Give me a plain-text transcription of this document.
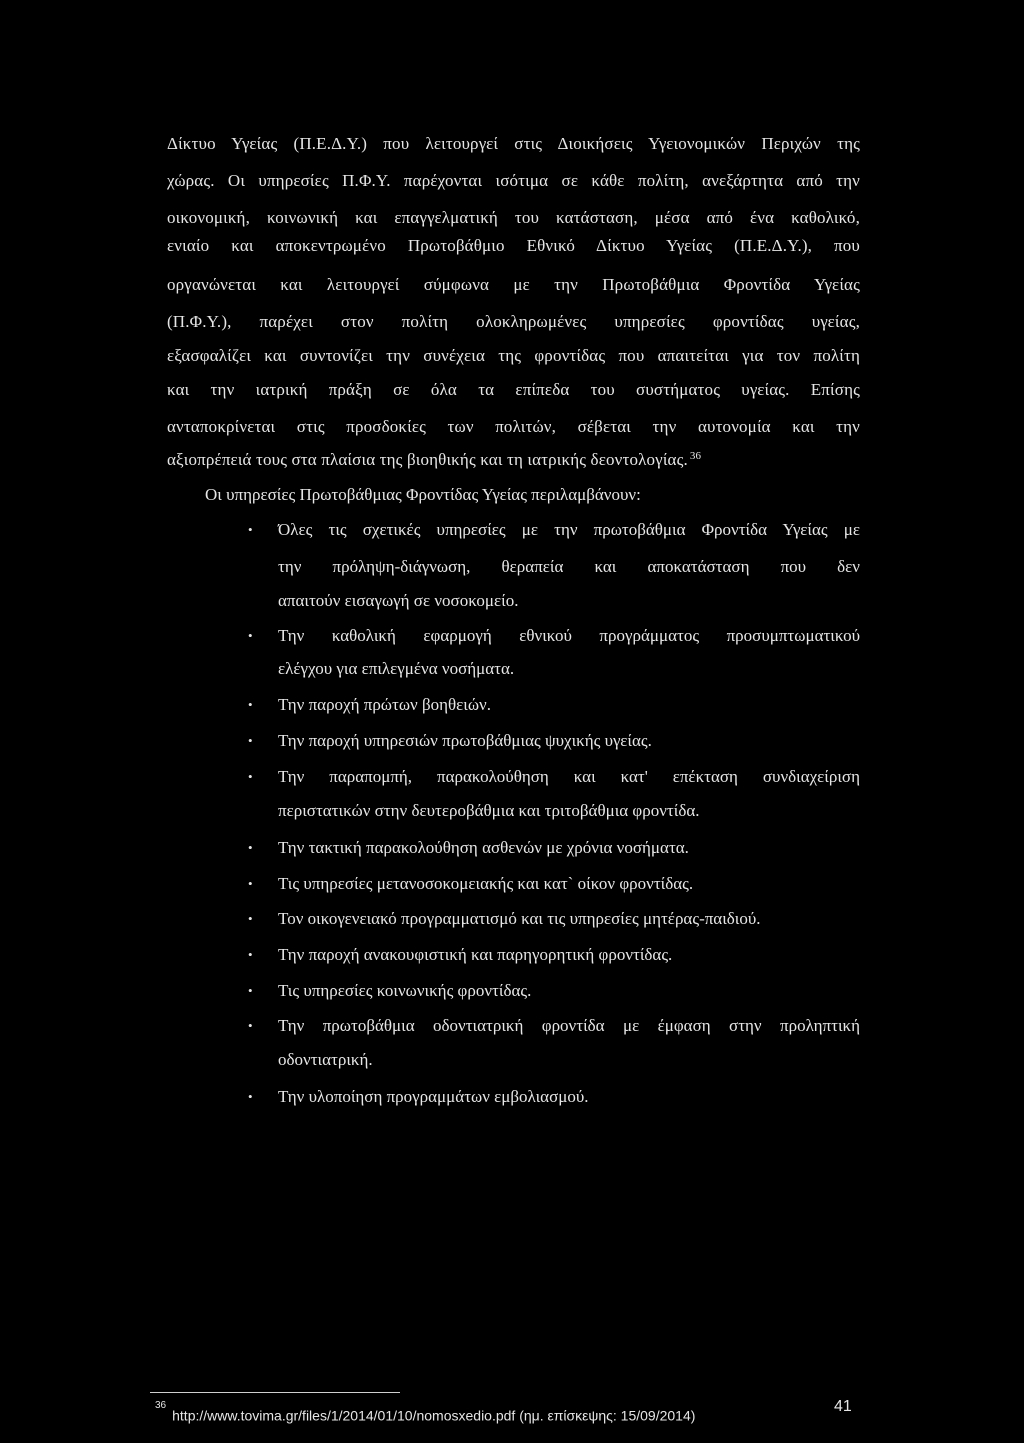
Δίκτυο Υγείας (Π.Ε.Δ.Υ.) που λειτουργεί στις Διοικήσεις Υγειονομικών Περιχών της
χώρας. Οι υπηρεσίες Π.Φ.Υ. παρέχονται ισότιμα σε κάθε πολίτη, ανεξάρτητα από την
οικονομική, κοινωνική και επαγγελματική του κατάσταση, μέσα από ένα καθολικό,
ενιαίο και αποκεντρωμένο Πρωτοβάθμιο Εθνικό Δίκτυο Υγείας (Π.Ε.Δ.Υ.), που
οργανώνεται και λειτουργεί σύμφωνα με την Πρωτοβάθμια Φροντίδα Υγείας
(Π.Φ.Υ.), παρέχει στον πολίτη ολοκληρωμένες υπηρεσίες φροντίδας υγείας,
εξασφαλίζει και συντονίζει την συνέχεια της φροντίδας που απαιτείται για τον πολίτη
και την ιατρική πράξη σε όλα τα επίπεδα του συστήματος υγείας. Επίσης
ανταποκρίνεται στις προσδοκίες των πολιτών, σέβεται την αυτονομία και την
αξιοπρέπειά τους στα πλαίσια της βιοηθικής και τη ιατρικής δεοντολογίας. $^{36}$
Οι υπηρεσίες Πρωτοβάθμιας Φροντίδας Υγείας περιλαμβάνουν:
• Όλες τις σχετικές υπηρεσίες με την πρωτοβάθμια Φροντίδα Υγείας με
την πρόληψη-διάγνωση, θεραπεία και αποκατάσταση που δεν
απαιτούν εισαγωγή σε νοσοκομείο.
• Την καθολική εφαρμογή εθνικού προγράμματος προσυμπτωματικού
ελέγχου για επιλεγμένα νοσήματα.
• Την παροχή πρώτων βοηθειών.
• Την παροχή υπηρεσιών πρωτοβάθμιας ψυχικής υγείας.
• Την παραπομπή, παρακολούθηση και κατ' επέκταση συνδιαχείριση
περιστατικών στην δευτεροβάθμια και τριτοβάθμια φροντίδα.
• Την τακτική παρακολούθηση ασθενών με χρόνια νοσήματα.
• Τις υπηρεσίες μετανοσοκομειακής και κατ` οίκον φροντίδας.
• Τον οικογενειακό προγραμματισμό και τις υπηρεσίες μητέρας-παιδιού.
• Την παροχή ανακουφιστική και παρηγορητική φροντίδας.
• Τις υπηρεσίες κοινωνικής φροντίδας.
• Την πρωτοβάθμια οδοντιατρική φροντίδα με έμφαση στην προληπτική
οδοντιατρική.
• Την υλοποίηση προγραμμάτων εμβολιασμού.
$^{36}$http://www.tovima.gr/files/1/2014/01/10/nomosxedio.pdf (ημ. επίσκεψης: 15/09/2014)
41
